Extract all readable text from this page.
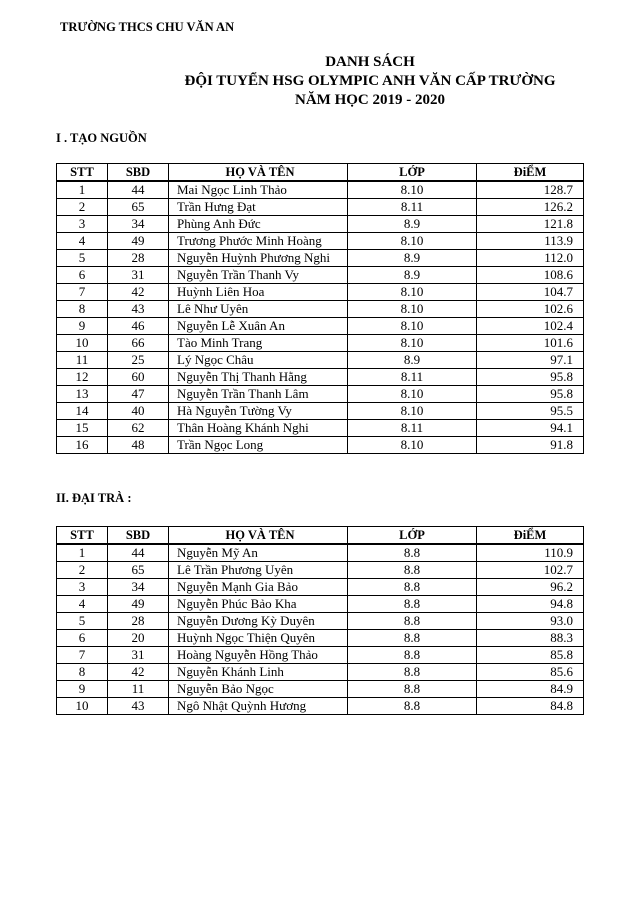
TRƯỜNG THCS CHU VĂN AN
DANH SÁCH
ĐỘI TUYỂN HSG OLYMPIC ANH VĂN CẤP TRƯỜNG
NĂM HỌC 2019 - 2020
I . TẠO NGUỒN
STT	SBD	HỌ VÀ TÊN	LỚP	ĐiỂM
1	44	Mai Ngọc Linh Thảo	8.10	128.7
2	65	Trần Hưng Đạt	8.11	126.2
3	34	Phùng Anh Đức	8.9	121.8
4	49	Trương Phước Minh Hoàng	8.10	113.9
5	28	Nguyễn Huỳnh Phương Nghi	8.9	112.0
6	31	Nguyễn Trần Thanh Vy	8.9	108.6
7	42	Huỳnh Liên Hoa	8.10	104.7
8	43	Lê Như Uyên	8.10	102.6
9	46	Nguyễn Lễ Xuân An	8.10	102.4
10	66	Tào Minh Trang	8.10	101.6
11	25	Lý Ngọc Châu	8.9	97.1
12	60	Nguyễn Thị Thanh Hằng	8.11	95.8
13	47	Nguyễn Trần Thanh Lâm	8.10	95.8
14	40	Hà Nguyễn Tường Vy	8.10	95.5
15	62	Thân Hoàng Khánh Nghi	8.11	94.1
16	48	Trần Ngọc Long	8.10	91.8
II. ĐẠI TRÀ :
STT	SBD	HỌ VÀ TÊN	LỚP	ĐiỂM
1	44	Nguyễn Mỹ An	8.8	110.9
2	65	Lê Trần Phương Uyên	8.8	102.7
3	34	Nguyễn Mạnh Gia Bảo	8.8	96.2
4	49	Nguyễn Phúc Bảo Kha	8.8	94.8
5	28	Nguyễn Dương Kỳ Duyên	8.8	93.0
6	20	Huỳnh Ngọc Thiện Quyên	8.8	88.3
7	31	Hoàng Nguyễn Hồng Thảo	8.8	85.8
8	42	Nguyễn Khánh Linh	8.8	85.6
9	11	Nguyễn Bảo Ngọc	8.8	84.9
10	43	Ngô Nhật Quỳnh Hương	8.8	84.8
